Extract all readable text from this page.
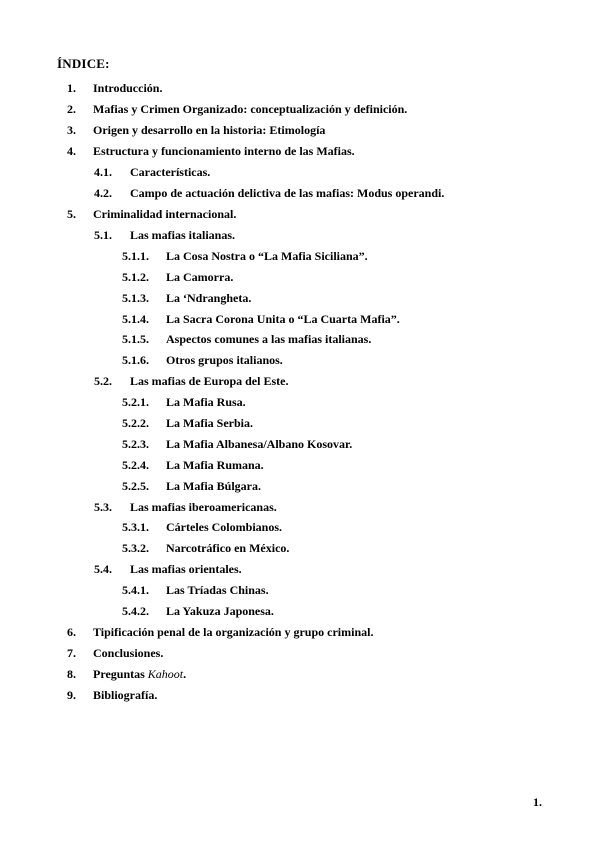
ÍNDICE:
1. Introducción.
2. Mafias y Crimen Organizado: conceptualización y definición.
3. Origen y desarrollo en la historia: Etimología
4. Estructura y funcionamiento interno de las Mafias.
4.1. Características.
4.2. Campo de actuación delictiva de las mafias: Modus operandi.
5. Criminalidad internacional.
5.1. Las mafias italianas.
5.1.1. La Cosa Nostra o “La Mafia Siciliana”.
5.1.2. La Camorra.
5.1.3. La ‘Ndrangheta.
5.1.4. La Sacra Corona Unita o “La Cuarta Mafia”.
5.1.5. Aspectos comunes a las mafias italianas.
5.1.6. Otros grupos italianos.
5.2. Las mafias de Europa del Este.
5.2.1. La Mafia Rusa.
5.2.2. La Mafia Serbia.
5.2.3. La Mafia Albanesa/Albano Kosovar.
5.2.4. La Mafia Rumana.
5.2.5. La Mafia Búlgara.
5.3. Las mafias iberoamericanas.
5.3.1. Cárteles Colombianos.
5.3.2. Narcotráfico en México.
5.4. Las mafias orientales.
5.4.1. Las Tríadas Chinas.
5.4.2. La Yakuza Japonesa.
6. Tipificación penal de la organización y grupo criminal.
7. Conclusiones.
8. Preguntas Kahoot.
9. Bibliografía.
1.
